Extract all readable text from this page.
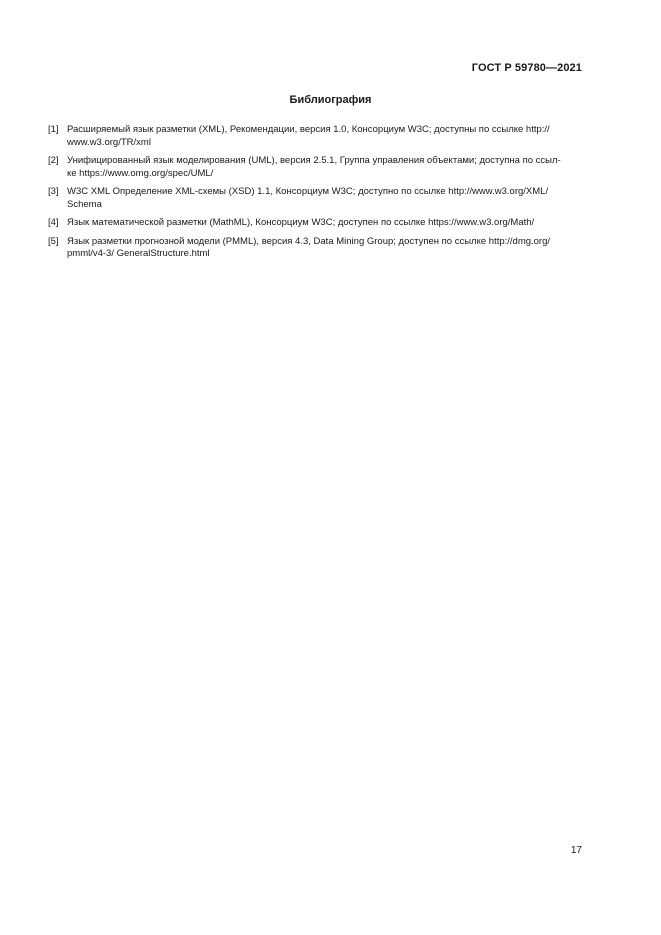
ГОСТ Р 59780—2021
Библиография
[1] Расширяемый язык разметки (XML), Рекомендации, версия 1.0, Консорциум W3C; доступны по ссылке http://
www.w3.org/TR/xml
[2] Унифицированный язык моделирования (UML), версия 2.5.1, Группа управления объектами; доступна по ссыл-
ке https://www.omg.org/spec/UML/
[3] W3C XML Определение XML-схемы (XSD) 1.1, Консорциум W3C; доступно по ссылке http://www.w3.org/XML/
Schema
[4] Язык математической разметки (MathML), Консорциум W3C; доступен по ссылке https://www.w3.org/Math/
[5] Язык разметки прогнозной модели (PMML), версия 4.3, Data Mining Group; доступен по ссылке http://dmg.org/
pmml/v4-3/ GeneralStructure.html
17
